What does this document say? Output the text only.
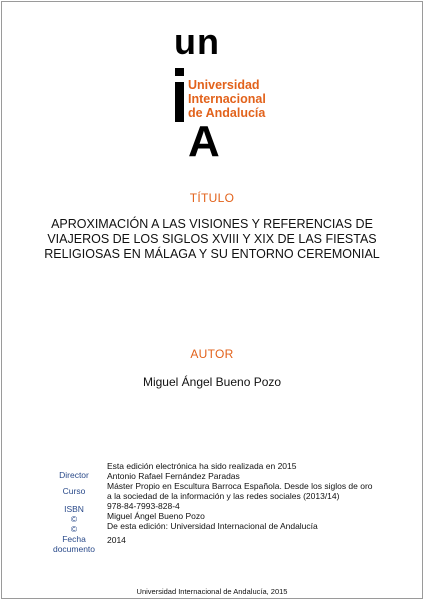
un
Universidad
Internacional
de Andalucía
A
TÍTULO
APROXIMACIÓN A LAS VISIONES Y REFERENCIAS DE
VIAJEROS DE LOS SIGLOS XVIII Y XIX DE LAS FIESTAS
RELIGIOSAS EN MÁLAGA Y SU ENTORNO CEREMONIAL
AUTOR
Miguel Ángel Bueno Pozo
Director
Curso
ISBN
©
©
Fecha
documento
Esta edición electrónica ha sido realizada en 2015
Antonio Rafael Fernández Paradas
Máster Propio en Escultura Barroca Española. Desde los siglos de oro
a la sociedad de la información y las redes sociales (2013/14)
978-84-7993-828-4
Miguel Ángel Bueno Pozo
De esta edición: Universidad Internacional de Andalucía
2014
Universidad Internacional de Andalucía, 2015
